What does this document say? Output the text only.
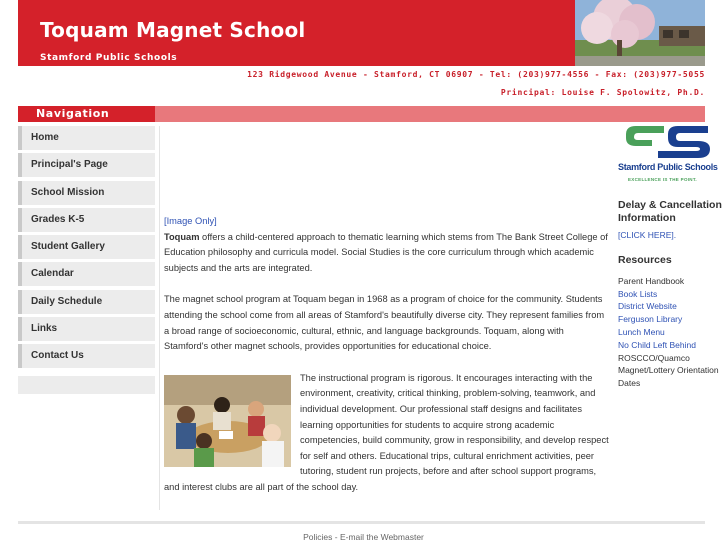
Toquam Magnet School
Stamford Public Schools
123 Ridgewood Avenue - Stamford, CT 06907 - Tel: (203)977-4556 - Fax: (203)977-5055
Principal: Louise F. Spolowitz, Ph.D.
Navigation
Home
Principal's Page
School Mission
Grades K-5
Student Gallery
Calendar
Daily Schedule
Links
Contact Us
[Image Only]

Toquam offers a child-centered approach to thematic learning which stems from The Bank Street College of Education philosophy and curricula model. Social Studies is the core curriculum through which academic subjects and the arts are integrated.

The magnet school program at Toquam began in 1968 as a program of choice for the community. Students attending the school come from all areas of Stamford's beautifully diverse city. They represent families from a broad range of socioeconomic, cultural, ethnic, and language backgrounds. Toquam, along with Stamford's other magnet schools, provides opportunities for educational choice.

The instructional program is rigorous. It encourages interacting with the environment, creativity, critical thinking, problem-solving, teamwork, and individual development. Our professional staff designs and facilitates learning opportunities for students to acquire strong academic competencies, build community, grow in responsibility, and develop respect for self and others. Educational trips, cultural enrichment activities, peer tutoring, student run projects, before and after school support programs, and interest clubs are all part of the school day.

Stamford Public Schools
EXCELLENCE IS THE POINT.
Delay & Cancellation Information
[CLICK HERE].
Resources
Parent Handbook
Book Lists
District Website
Ferguson Library
Lunch Menu
No Child Left Behind
ROSCCO/Quamco
Magnet/Lottery Orientation Dates
Policies - E-mail the Webmaster
